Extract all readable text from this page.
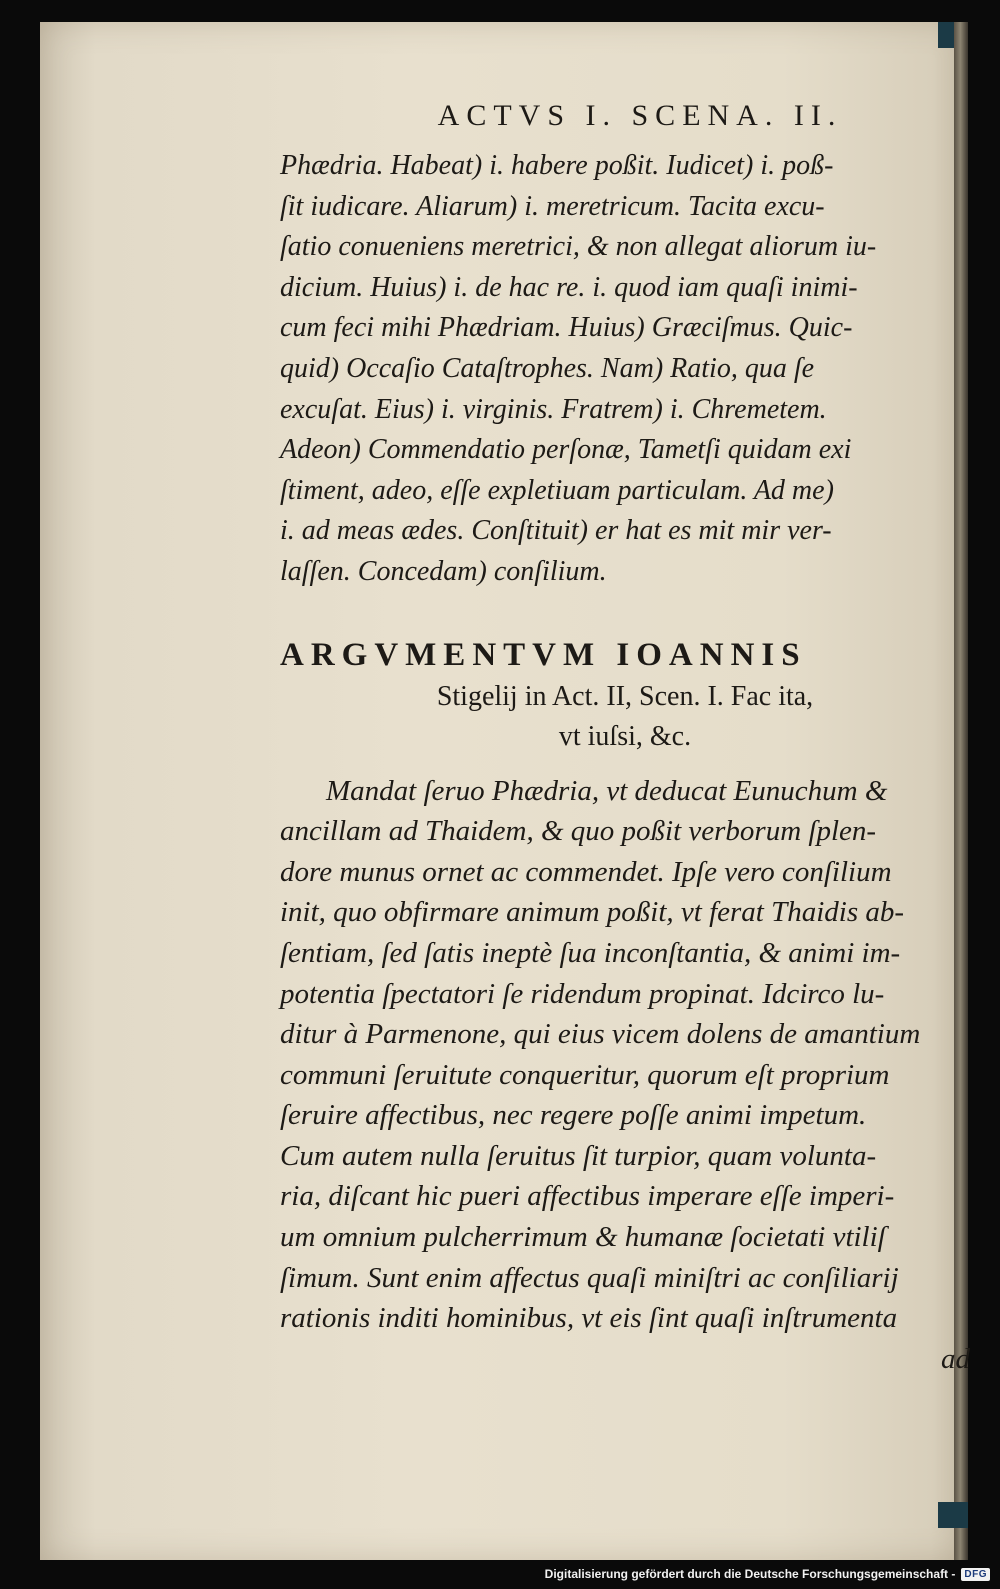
ACTVS I. SCENA. II.

Phædria. Habeat) i. habere poßit. Iudicet) i. poß-

ſit iudicare. Aliarum) i. meretricum. Tacita excu-

ſatio conueniens meretrici, & non allegat aliorum iu-

dicium. Huius) i. de hac re. i. quod iam quaſi inimi-

cum feci mihi Phædriam. Huius) Græciſmus. Quic-

quid) Occaſio Cataſtrophes. Nam) Ratio, qua ſe

excuſat. Eius) i. virginis. Fratrem) i. Chremetem.

Adeon) Commendatio perſonæ, Tametſi quidam exi

ſtiment, adeo, eſſe expletiuam particulam. Ad me)

i. ad meas ædes. Conſtituit) er hat es mit mir ver-

laſſen. Concedam) conſilium.

ARGVMENTVM IOANNIS

Stigelij in Act. II, Scen. I. Fac ita,

vt iuſsi, &c.

Mandat ſeruo Phædria, vt deducat Eunuchum &

ancillam ad Thaidem, & quo poßit verborum ſplen-

dore munus ornet ac commendet. Ipſe vero conſilium

init, quo obfirmare animum poßit, vt ferat Thaidis ab-

ſentiam, ſed ſatis ineptè ſua inconſtantia, & animi im-

potentia ſpectatori ſe ridendum propinat. Idcirco lu-

ditur à Parmenone, qui eius vicem dolens de amantium

communi ſeruitute conqueritur, quorum eſt proprium

ſeruire affectibus, nec regere poſſe animi impetum.

Cum autem nulla ſeruitus ſit turpior, quam volunta-

ria, diſcant hic pueri affectibus imperare eſſe imperi-

um omnium pulcherrimum & humanæ ſocietati vtiliſ

ſimum. Sunt enim affectus quaſi miniſtri ac conſiliarij

rationis inditi hominibus, vt eis ſint quaſi inſtrumenta

ad

Digitalisierung gefördert durch die Deutsche Forschungsgemeinschaft - DFG
